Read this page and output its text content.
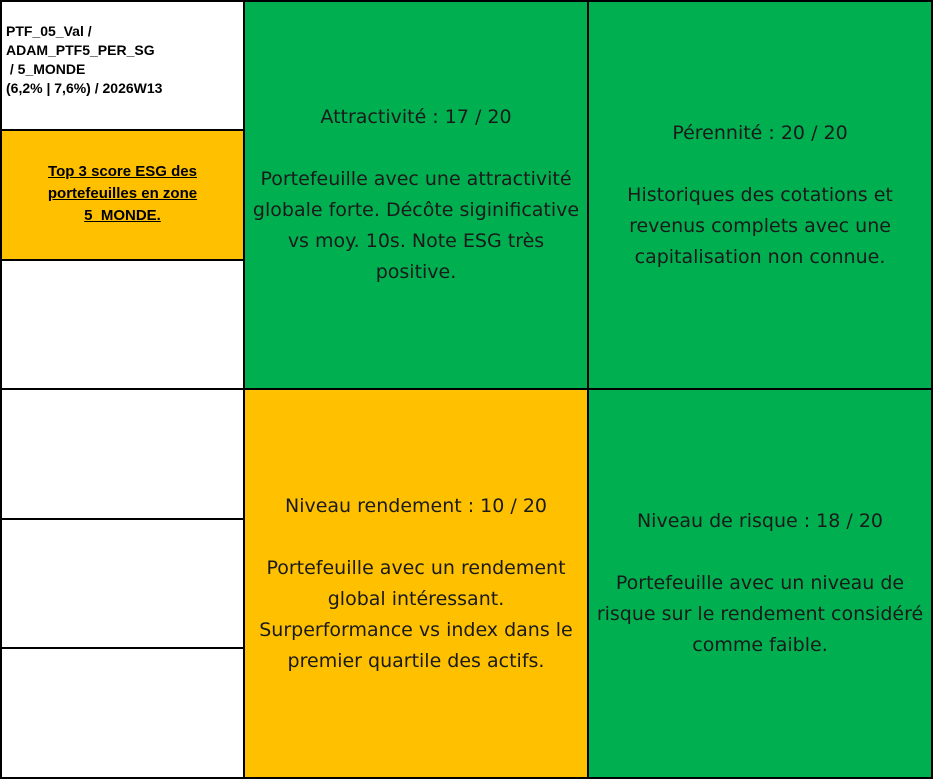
PTF_05_Val /
ADAM_PTF5_PER_SG
/ 5_MONDE
(6,2% | 7,6%) / 2026W13
Top 3 score ESG des portefeuilles en zone 5_MONDE.
Attractivité : 17 / 20
Portefeuille avec une attractivité globale forte. Décôte siginificative vs moy. 10s. Note ESG très positive.
Pérennité : 20 / 20
Historiques des cotations et revenus complets avec une capitalisation non connue.
Niveau rendement : 10 / 20
Portefeuille avec un rendement global intéressant. Surperformance vs index dans le premier quartile des actifs.
Niveau de risque : 18 / 20
Portefeuille avec un niveau de risque sur le rendement considéré comme faible.
